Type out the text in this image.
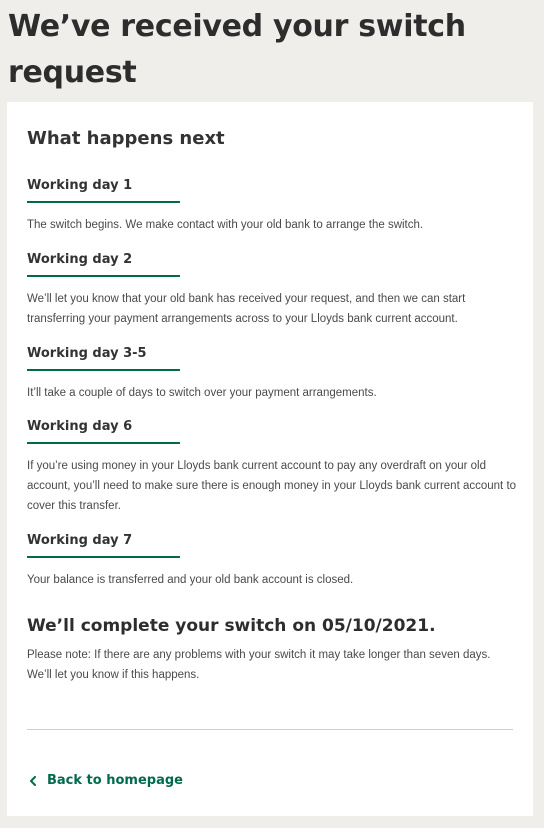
We’ve received your switch request
What happens next
Working day 1

The switch begins. We make contact with your old bank to arrange the switch.

Working day 2

We’ll let you know that your old bank has received your request, and then we can start transferring your payment arrangements across to your Lloyds bank current account.

Working day 3-5

It’ll take a couple of days to switch over your payment arrangements.

Working day 6

If you’re using money in your Lloyds bank current account to pay any overdraft on your old account, you’ll need to make sure there is enough money in your Lloyds bank current account to cover this transfer.

Working day 7

Your balance is transferred and your old bank account is closed.

We’ll complete your switch on 05/10/2021.

Please note: If there are any problems with your switch it may take longer than seven days. We’ll let you know if this happens.

Back to homepage
